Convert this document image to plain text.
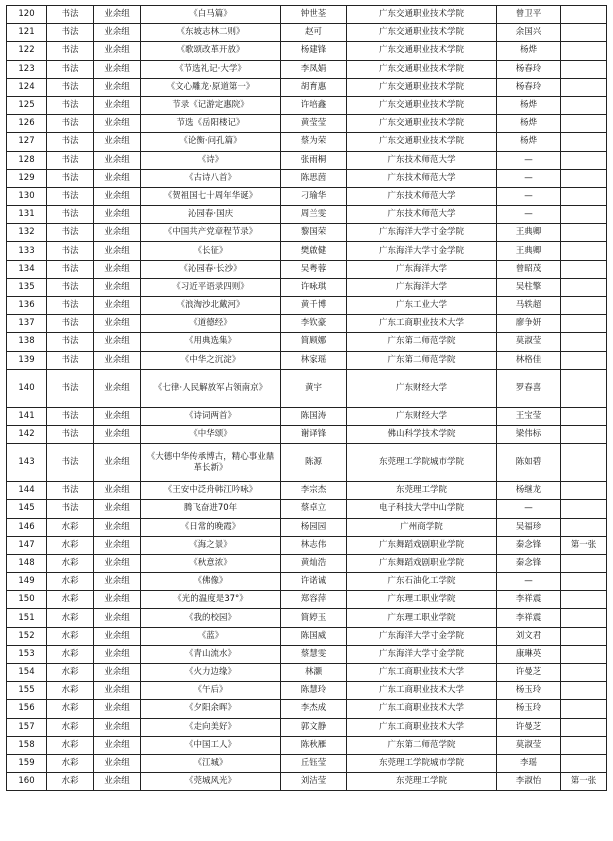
120	书法	业余组	《白马篇》	钟世荃	广东交通职业技术学院	曾卫平	
121	书法	业余组	《东坡志林二则》	赵可	广东交通职业技术学院	余国兴	
122	书法	业余组	《歌颂改革开放》	杨建锋	广东交通职业技术学院	杨烨	
123	书法	业余组	《节选礼记·大学》	李凤娟	广东交通职业技术学院	杨春玲	
124	书法	业余组	《文心雕龙·原道第一》	胡育惠	广东交通职业技术学院	杨春玲	
125	书法	业余组	节录《记游定惠院》	许培鑫	广东交通职业技术学院	杨烨	
126	书法	业余组	节选《岳阳楼记》	黄莹莹	广东交通职业技术学院	杨烨	
127	书法	业余组	《论衡·问孔篇》	蔡为荣	广东交通职业技术学院	杨烨	
128	书法	业余组	《诗》	张雨桐	广东技术师范大学	—	
129	书法	业余组	《古诗八首》	陈思茵	广东技术师范大学	—	
130	书法	业余组	《贺祖国七十周年华诞》	刁瑜华	广东技术师范大学	—	
131	书法	业余组	沁园春·国庆	周兰雯	广东技术师范大学	—	
132	书法	业余组	《中国共产党章程节录》	黎国荣	广东海洋大学寸金学院	王典卿	
133	书法	业余组	《长征》	樊啟健	广东海洋大学寸金学院	王典卿	
134	书法	业余组	《沁园春·长沙》	吴粤蓉	广东海洋大学	曾昭茂	
135	书法	业余组	《习近平语录四则》	许咏琪	广东海洋大学	吴柱擎	
136	书法	业余组	《浪淘沙北戴河》	黄千博	广东工业大学	马轶超	
137	书法	业余组	《道德经》	李钦豪	广东工商职业技术大学	廖争妍	
138	书法	业余组	《用典选集》	简顾娜	广东第二师范学院	莫淑莹	
139	书法	业余组	《中华之沉淀》	林家瑶	广东第二师范学院	林格佳	
140	书法	业余组	《七律·人民解放军占领南京》	黄宇	广东财经大学	罗春喜	
141	书法	业余组	《诗词两首》	陈国涛	广东财经大学	王宝莹	
142	书法	业余组	《中华颂》	谢译锋	佛山科学技术学院	梁伟标	
143	书法	业余组	《大德中华传承博古，精心事业鼎革长新》	陈源	东莞理工学院城市学院	陈如碧	
144	书法	业余组	《王安中泛舟韩江吟咏》	李宗杰	东莞理工学院	杨继龙	
145	书法	业余组	腾飞奋进70年	蔡卓立	电子科技大学中山学院	—	
146	水彩	业余组	《日常的晚霞》	杨园园	广州商学院	吴福珍	
147	水彩	业余组	《海之景》	林志伟	广东舞蹈戏剧职业学院	秦念锋	第一张
148	水彩	业余组	《秋意浓》	黄灿浩	广东舞蹈戏剧职业学院	秦念锋	
149	水彩	业余组	《佛像》	许诺诚	广东石油化工学院	—	
150	水彩	业余组	《光的温度是37°》	郑容萍	广东理工职业学院	李祥震	
151	水彩	业余组	《我的校园》	简婷玉	广东理工职业学院	李祥震	
152	水彩	业余组	《蓝》	陈国威	广东海洋大学寸金学院	刘文君	
153	水彩	业余组	《青山流水》	蔡慧雯	广东海洋大学寸金学院	康琳英	
154	水彩	业余组	《火力边缘》	林灏	广东工商职业技术大学	许曼芝	
155	水彩	业余组	《午后》	陈慧玲	广东工商职业技术大学	杨玉玲	
156	水彩	业余组	《夕阳余晖》	李杰成	广东工商职业技术大学	杨玉玲	
157	水彩	业余组	《走向美好》	郭文静	广东工商职业技术大学	许曼芝	
158	水彩	业余组	《中国工人》	陈秋雁	广东第二师范学院	莫淑莹	
159	水彩	业余组	《江城》	丘钰莹	东莞理工学院城市学院	李瑶	
160	水彩	业余组	《莞城风光》	刘洁莹	东莞理工学院	李淑怡	第一张
